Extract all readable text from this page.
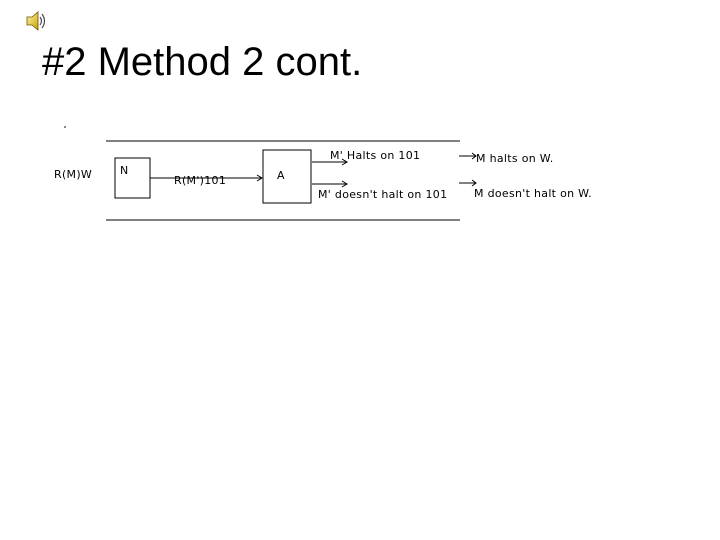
#2 Method 2 cont.
R(M)W	N
R(M')101	A
M' Halts on 101
M' doesn't halt on 101
M halts on W.
M doesn't halt on W.
